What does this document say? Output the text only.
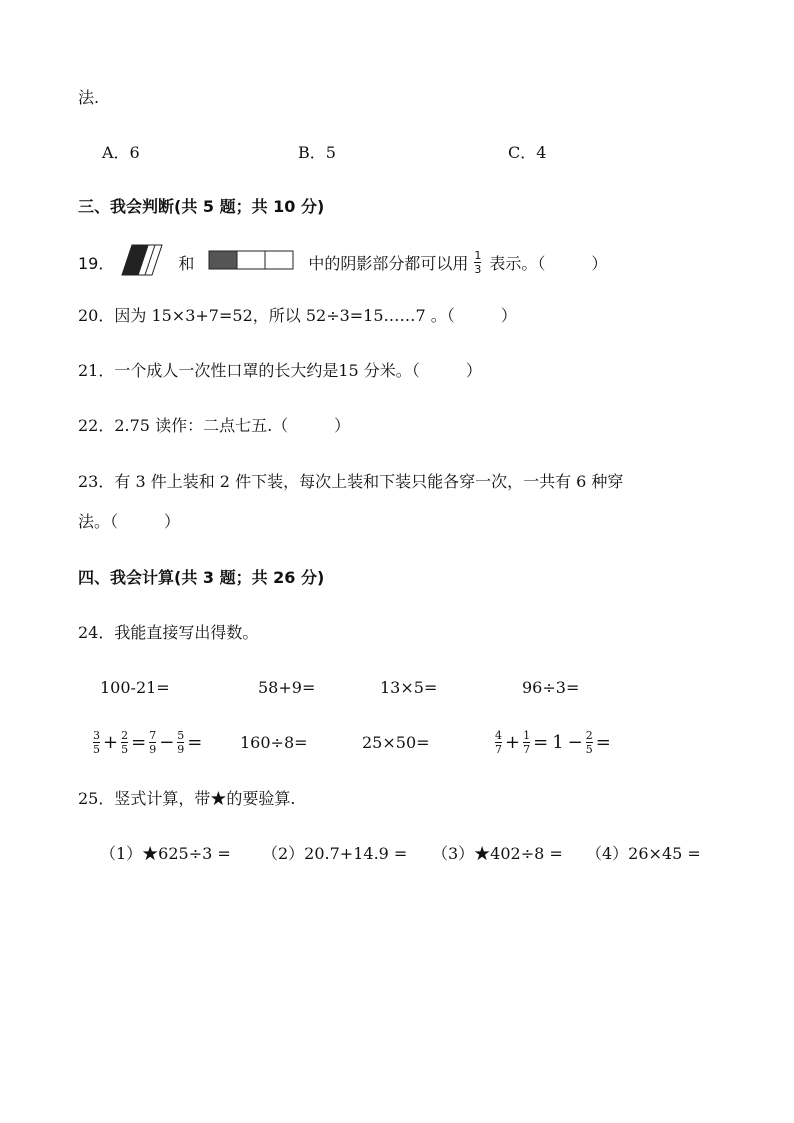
法.
A．6	B．5	C．4
三、我会判断(共 5 题；共 10 分)
19．	和	中的阴影部分都可以用 $\frac{1}{3}$ 表示。（	）
20．因为 15×3+7=52，所以 52÷3=15……7 。（	）
21．一个成人一次性口罩的长大约是15 分米。（	）
22．2.75 读作：二点七五.（	）
23．有 3 件上装和 2 件下装，每次上装和下装只能各穿一次，一共有 6 种穿
法。（	）
四、我会计算(共 3 题；共 26 分)
24．我能直接写出得数。
100-21=	58+9=	13×5=	96÷3=
$\frac{3}{5} + \frac{2}{5} = \frac{7}{9} - \frac{5}{9} = 160\div 8=$	25×50=	$\frac{4}{7} + \frac{1}{7} = 1 - \frac{2}{5}$ =
25．竖式计算，带★的要验算.
（1）★625÷3 = （2）20.7+14.9 = （3）★402÷8 = （4）26×45 =
